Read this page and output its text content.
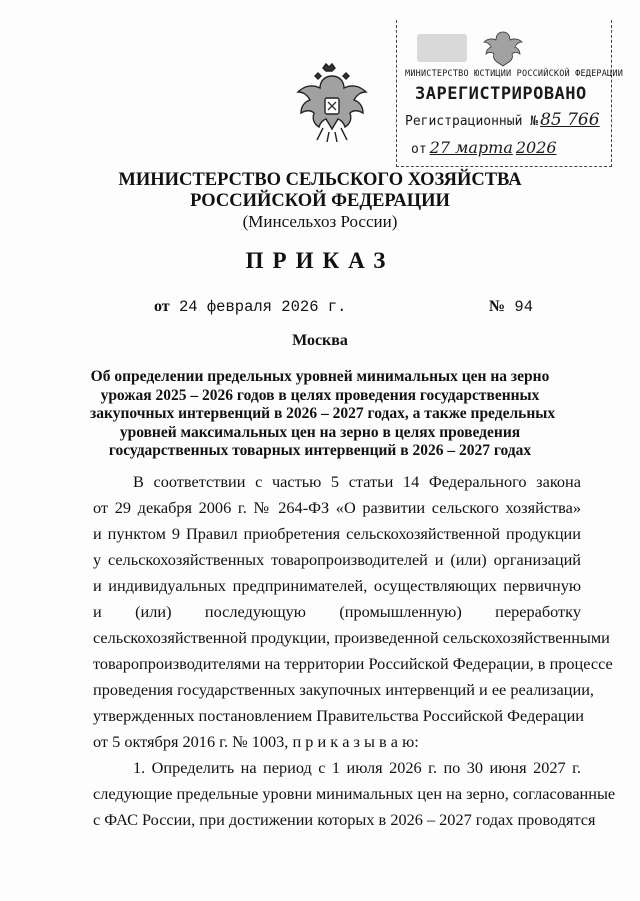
МИНИСТЕРСТВО ЮСТИЦИИ РОССИЙСКОЙ ФЕДЕРАЦИИ
ЗАРЕГИСТРИРОВАНО
Регистрационный № 85 766
от 27 марта 2026
МИНИСТЕРСТВО СЕЛЬСКОГО ХОЗЯЙСТВА
РОССИЙСКОЙ ФЕДЕРАЦИИ
(Минсельхоз России)
ПРИКАЗ
от 24 февраля 2026 г.	№ 94
Москва
Об определении предельных уровней минимальных цен на зерно
урожая 2025 – 2026 годов в целях проведения государственных
закупочных интервенций в 2026 – 2027 годах, а также предельных
уровней максимальных цен на зерно в целях проведения
государственных товарных интервенций в 2026 – 2027 годах
В соответствии с частью 5 статьи 14 Федерального закона
от 29 декабря 2006 г. № 264-ФЗ «О развитии сельского хозяйства»
и пунктом 9 Правил приобретения сельскохозяйственной продукции
у сельскохозяйственных товаропроизводителей и (или) организаций
и индивидуальных предпринимателей, осуществляющих первичную
и (или) последующую (промышленную) переработку
сельскохозяйственной продукции, произведенной сельскохозяйственными
товаропроизводителями на территории Российской Федерации, в процессе
проведения государственных закупочных интервенций и ее реализации,
утвержденных постановлением Правительства Российской Федерации
от 5 октября 2016 г. № 1003, п р и к а з ы в а ю:
1. Определить на период с 1 июля 2026 г. по 30 июня 2027 г.
следующие предельные уровни минимальных цен на зерно, согласованные
с ФАС России, при достижении которых в 2026 – 2027 годах проводятся
